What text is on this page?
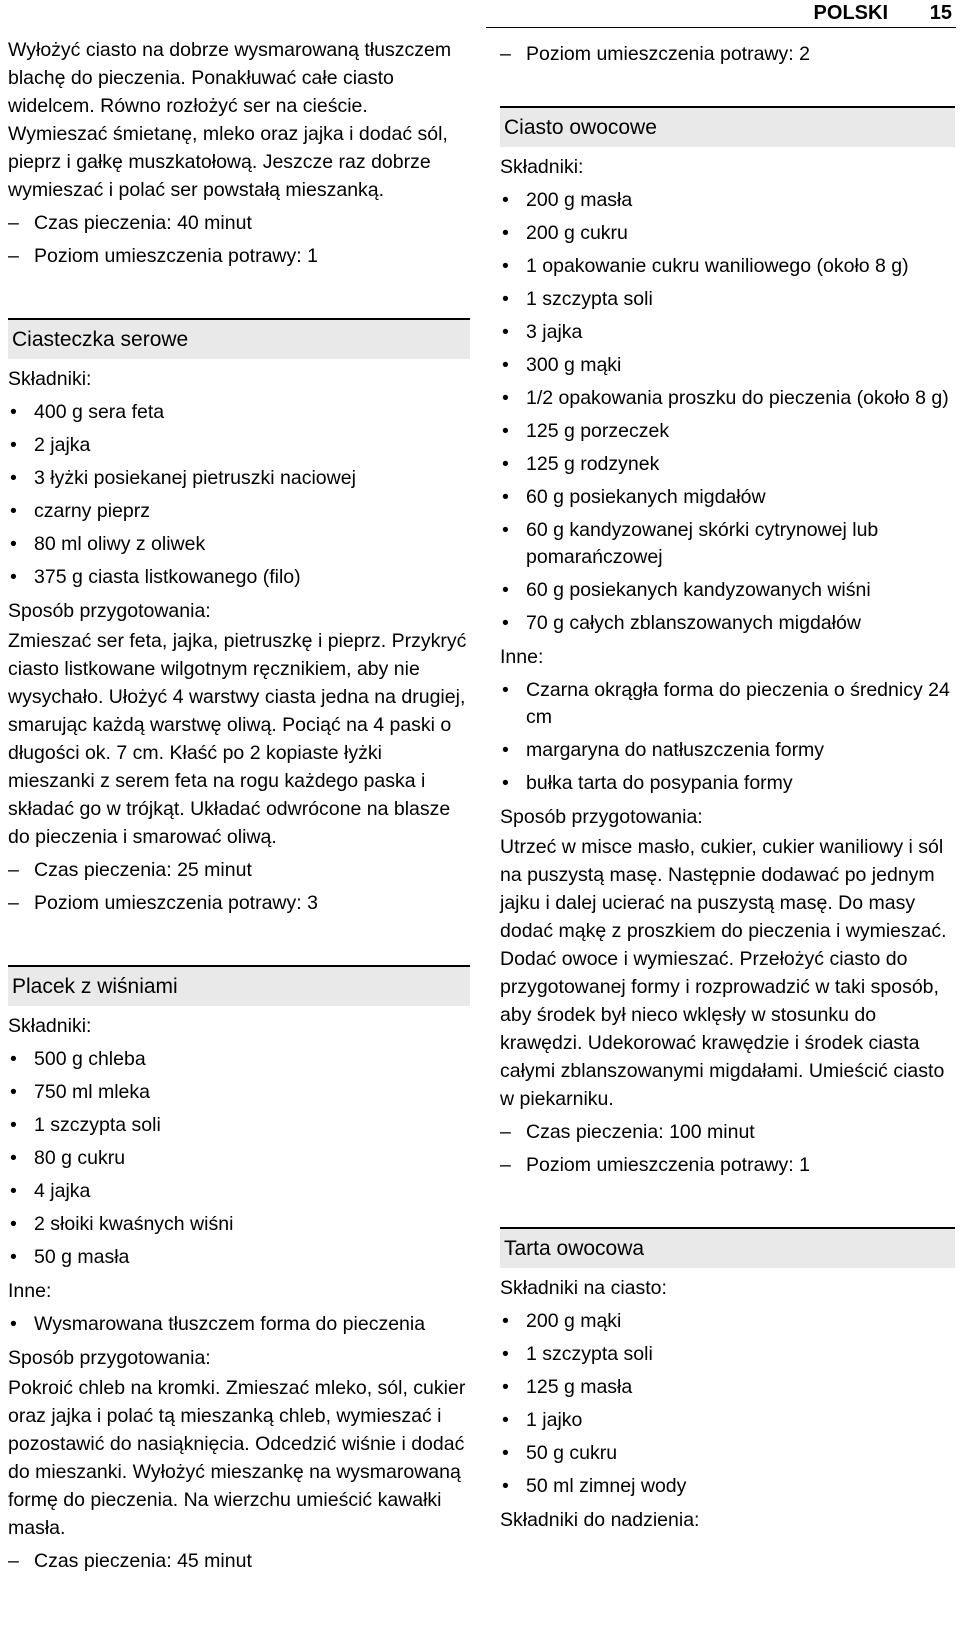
POLSKI 15

Wyłożyć ciasto na dobrze wysmarowaną tłuszczem blachę do pieczenia. Ponakłuwać całe ciasto widelcem. Równo rozłożyć ser na cieście. Wymieszać śmietanę, mleko oraz jajka i dodać sól, pieprz i gałkę muszkatołową. Jeszcze raz dobrze wymieszać i polać ser powstałą mieszanką.

– Czas pieczenia: 40 minut
– Poziom umieszczenia potrawy: 1
Ciasteczka serowe
Składniki:
• 400 g sera feta
• 2 jajka
• 3 łyżki posiekanej pietruszki naciowej
• czarny pieprz
• 80 ml oliwy z oliwek
• 375 g ciasta listkowanego (filo)
Sposób przygotowania:

Zmieszać ser feta, jajka, pietruszkę i pieprz. Przykryć ciasto listkowane wilgotnym ręcznikiem, aby nie wysychało. Ułożyć 4 warstwy ciasta jedna na drugiej, smarując każdą warstwę oliwą. Pociąć na 4 paski o długości ok. 7 cm. Kłaść po 2 kopiaste łyżki mieszanki z serem feta na rogu każdego paska i składać go w trójkąt. Układać odwrócone na blasze do pieczenia i smarować oliwą.

– Czas pieczenia: 25 minut
– Poziom umieszczenia potrawy: 3
Placek z wiśniami
Składniki:
• 500 g chleba
• 750 ml mleka
• 1 szczypta soli
• 80 g cukru
• 4 jajka
• 2 słoiki kwaśnych wiśni
• 50 g masła
Inne:
• Wysmarowana tłuszczem forma do pieczenia
Sposób przygotowania:

Pokroić chleb na kromki. Zmieszać mleko, sól, cukier oraz jajka i polać tą mieszanką chleb, wymieszać i pozostawić do nasiąknięcia. Odcedzić wiśnie i dodać do mieszanki. Wyłożyć mieszankę na wysmarowaną formę do pieczenia. Na wierzchu umieścić kawałki masła.

– Czas pieczenia: 45 minut
– Poziom umieszczenia potrawy: 2
Ciasto owocowe
Składniki:
• 200 g masła
• 200 g cukru
• 1 opakowanie cukru waniliowego (około 8 g)
• 1 szczypta soli
• 3 jajka
• 300 g mąki
• 1/2 opakowania proszku do pieczenia (około 8 g)
• 125 g porzeczek
• 125 g rodzynek
• 60 g posiekanych migdałów
• 60 g kandyzowanej skórki cytrynowej lub pomarańczowej
• 60 g posiekanych kandyzowanych wiśni
• 70 g całych zblanszowanych migdałów
Inne:
• Czarna okrągła forma do pieczenia o średnicy 24 cm
• margaryna do natłuszczenia formy
• bułka tarta do posypania formy
Sposób przygotowania:

Utrzeć w misce masło, cukier, cukier waniliowy i sól na puszystą masę. Następnie dodawać po jednym jajku i dalej ucierać na puszystą masę. Do masy dodać mąkę z proszkiem do pieczenia i wymieszać. Dodać owoce i wymieszać. Przełożyć ciasto do przygotowanej formy i rozprowadzić w taki sposób, aby środek był nieco wklęsły w stosunku do krawędzi. Udekorować krawędzie i środek ciasta całymi zblanszowanymi migdałami. Umieścić ciasto w piekarniku.

– Czas pieczenia: 100 minut
– Poziom umieszczenia potrawy: 1
Tarta owocowa
Składniki na ciasto:
• 200 g mąki
• 1 szczypta soli
• 125 g masła
• 1 jajko
• 50 g cukru
• 50 ml zimnej wody
Składniki do nadzienia:
